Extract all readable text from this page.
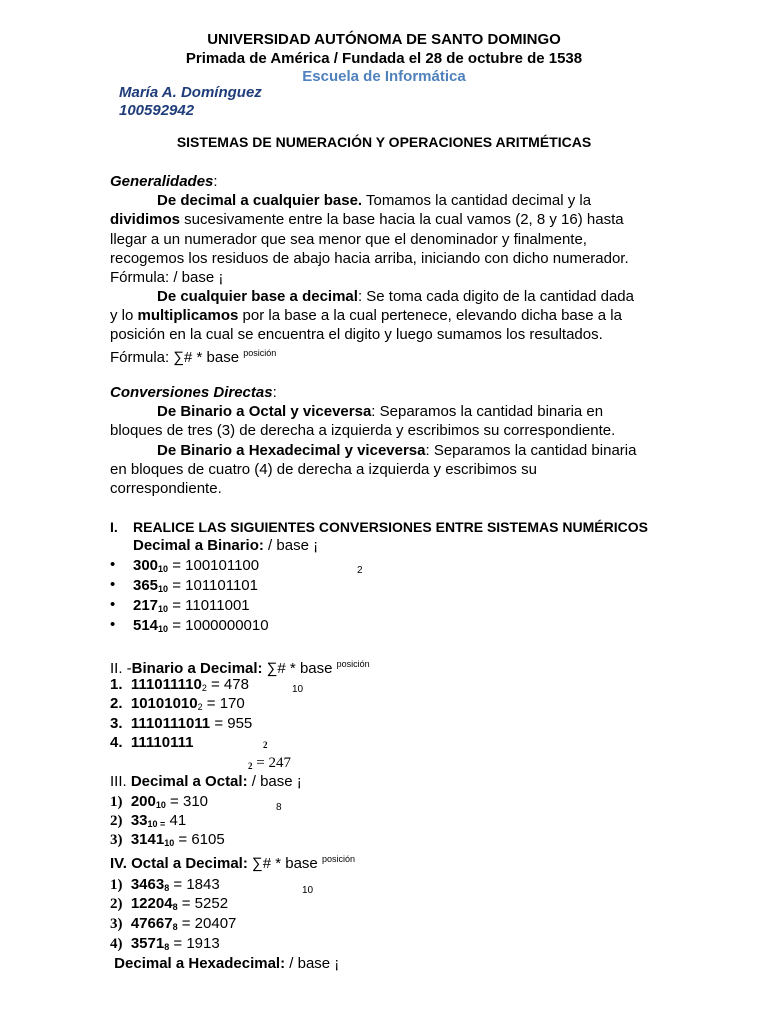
UNIVERSIDAD AUTÓNOMA DE SANTO DOMINGO
Primada de América / Fundada el 28 de octubre de 1538
Escuela de Informática
María A. Domínguez
100592942
SISTEMAS DE NUMERACIÓN Y OPERACIONES ARITMÉTICAS
Generalidades:
De decimal a cualquier base. Tomamos la cantidad decimal y la
dividimos sucesivamente entre la base hacia la cual vamos (2, 8 y 16) hasta
llegar a un numerador que sea menor que el denominador y finalmente,
recogemos los residuos de abajo hacia arriba, iniciando con dicho numerador.
Fórmula: / base ¡
De cualquier base a decimal: Se toma cada digito de la cantidad dada
y lo multiplicamos por la base a la cual pertenece, elevando dicha base a la
posición en la cual se encuentra el digito y luego sumamos los resultados.
Fórmula: ∑# * base $^{posición}$
Conversiones Directas:
De Binario a Octal y viceversa: Separamos la cantidad binaria en
bloques de tres (3) de derecha a izquierda y escribimos su correspondiente.
De Binario a Hexadecimal y viceversa: Separamos la cantidad binaria
en bloques de cuatro (4) de derecha a izquierda y escribimos su
correspondiente.
I. REALICE LAS SIGUIENTES CONVERSIONES ENTRE SISTEMAS NUMÉRICOS
Decimal a Binario: / base ¡
2
• $300_{10} = 100101100$
• $365_{10} = 101101101$
• $217_{10} = 11011001$
• $514_{10} = 1000000010$
II. -Binario a Decimal: ∑# * base $^{posición}$
10
1. $111011110_2 = 478$
2. $10101010_2 = 170$
3. 1110111011 = 955
4. 11110111	2
$_2$ = 247
III. Decimal a Octal: / base ¡
8
1) $200_{10} = 310$
2) $33_{10 =}$ 41
3) $3141_{10} = 6105$
IV. Octal a Decimal: ∑# * base $^{posición}$
10
1) $3463_8 = 1843$
2) $12204_8 = 5252$
3) $47667_8 = 20407$
4) $3571_8 = 1913$
Decimal a Hexadecimal: / base ¡
